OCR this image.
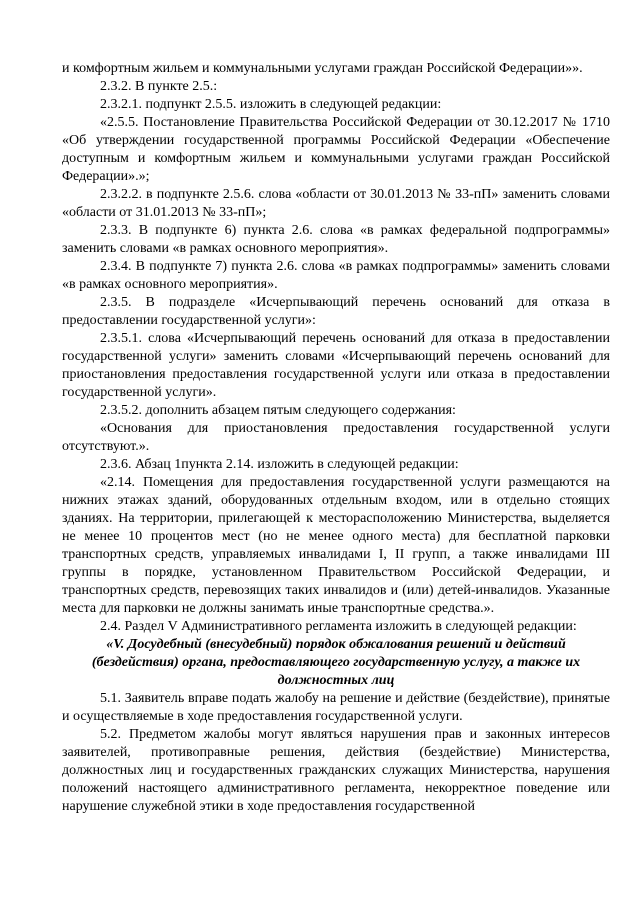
и комфортным жильем и коммунальными услугами граждан Российской Федерации»».

2.3.2. В пункте 2.5.:

2.3.2.1. подпункт 2.5.5. изложить в следующей редакции:

«2.5.5. Постановление Правительства Российской Федерации от 30.12.2017 № 1710 «Об утверждении государственной программы Российской Федерации «Обеспечение доступным и комфортным жильем и коммунальными услугами граждан Российской Федерации».»;

2.3.2.2. в подпункте 2.5.6. слова «области от 30.01.2013 № 33-пП» заменить словами «области от 31.01.2013 № 33-пП»;

2.3.3. В подпункте 6) пункта 2.6. слова «в рамках федеральной подпрограммы» заменить словами «в рамках основного мероприятия».

2.3.4. В подпункте 7) пункта 2.6. слова «в рамках подпрограммы» заменить словами «в рамках основного мероприятия».

2.3.5. В подразделе «Исчерпывающий перечень оснований для отказа в предоставлении государственной услуги»:

2.3.5.1. слова «Исчерпывающий перечень оснований для отказа в предоставлении государственной услуги» заменить словами «Исчерпывающий перечень оснований для приостановления предоставления государственной услуги или отказа в предоставлении государственной услуги».

2.3.5.2. дополнить абзацем пятым следующего содержания:

«Основания для приостановления предоставления государственной услуги отсутствуют.».

2.3.6. Абзац 1пункта 2.14. изложить в следующей редакции:

«2.14. Помещения для предоставления государственной услуги размещаются на нижних этажах зданий, оборудованных отдельным входом, или в отдельно стоящих зданиях. На территории, прилегающей к месторасположению Министерства, выделяется не менее 10 процентов мест (но не менее одного места) для бесплатной парковки транспортных средств, управляемых инвалидами I, II групп, а также инвалидами III группы в порядке, установленном Правительством Российской Федерации, и транспортных средств, перевозящих таких инвалидов и (или) детей-инвалидов. Указанные места для парковки не должны занимать иные транспортные средства.».

2.4. Раздел V Административного регламента изложить в следующей редакции:

«V. Досудебный (внесудебный) порядок обжалования решений и действий (бездействия) органа, предоставляющего государственную услугу, а также их должностных лиц

5.1. Заявитель вправе подать жалобу на решение и действие (бездействие), принятые и осуществляемые в ходе предоставления государственной услуги.

5.2. Предметом жалобы могут являться нарушения прав и законных интересов заявителей, противоправные решения, действия (бездействие) Министерства, должностных лиц и государственных гражданских служащих Министерства, нарушения положений настоящего административного регламента, некорректное поведение или нарушение служебной этики в ходе предоставления государственной
